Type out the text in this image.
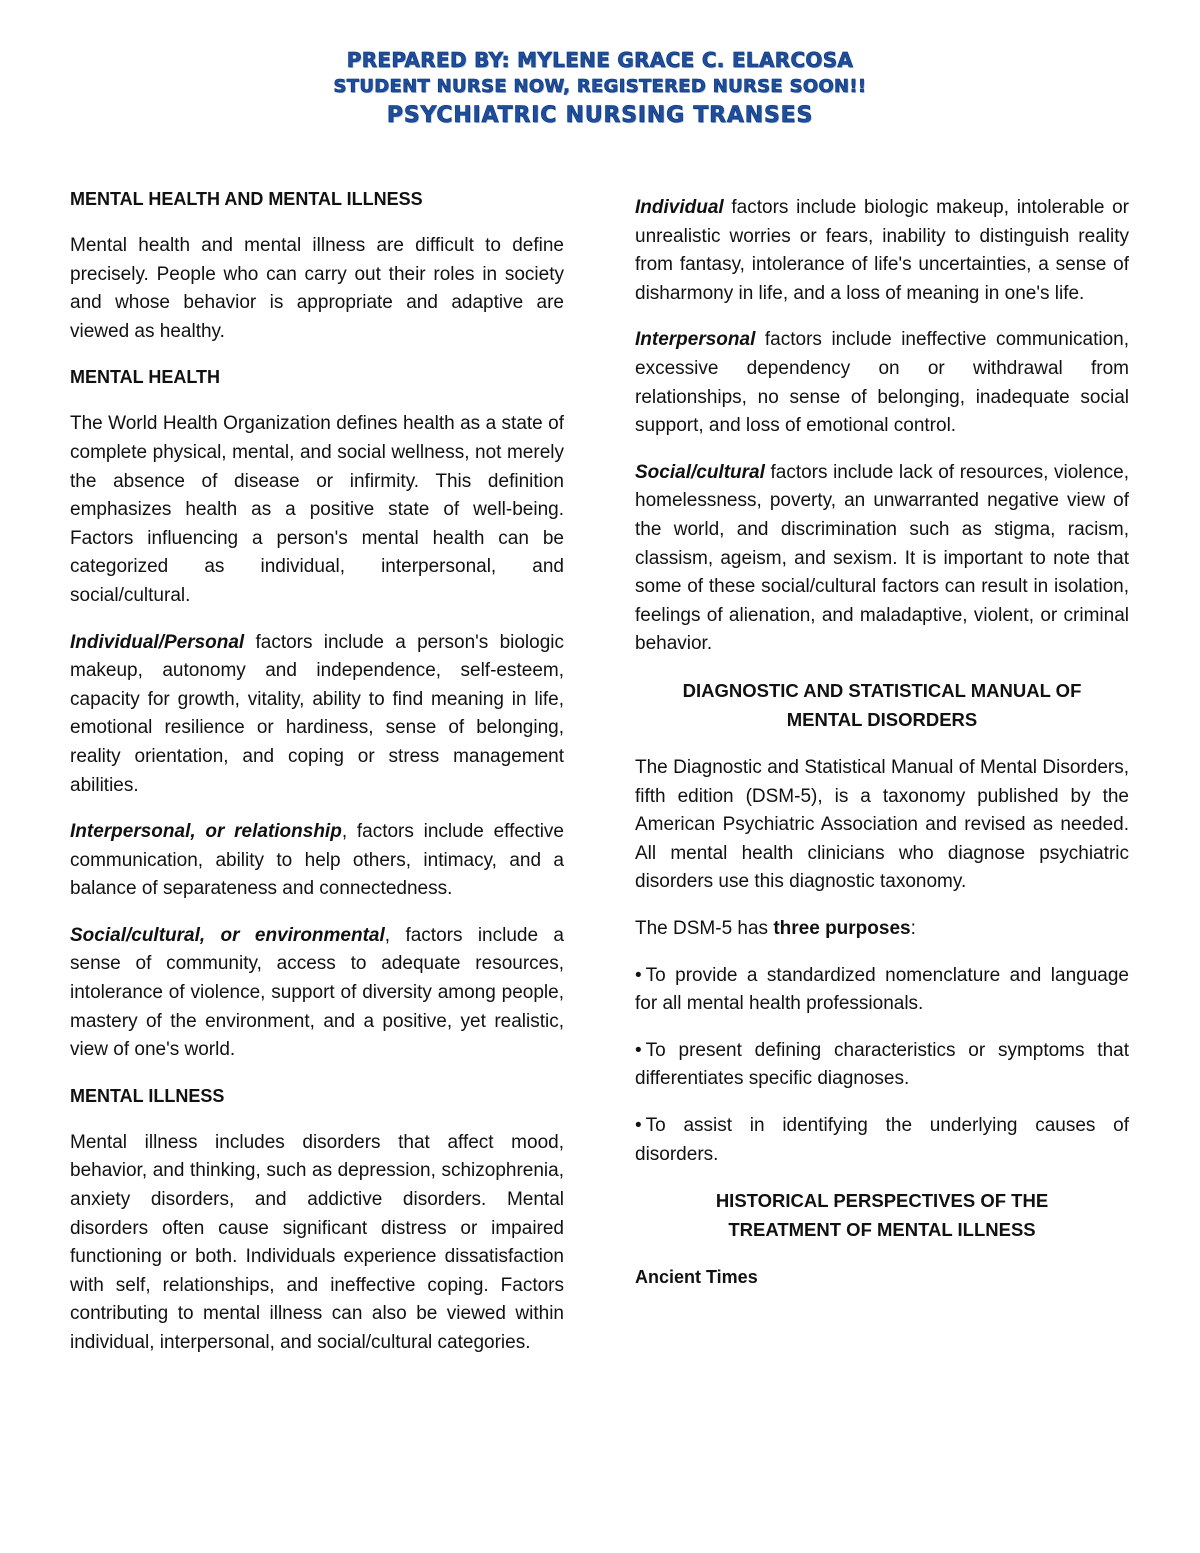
PREPARED BY: MYLENE GRACE C. ELARCOSA
STUDENT NURSE NOW, REGISTERED NURSE SOON!!
PSYCHIATRIC NURSING TRANSES
MENTAL HEALTH AND MENTAL ILLNESS

Mental health and mental illness are difficult to define precisely. People who can carry out their roles in society and whose behavior is appropriate and adaptive are viewed as healthy.

MENTAL HEALTH

The World Health Organization defines health as a state of complete physical, mental, and social wellness, not merely the absence of disease or infirmity. This definition emphasizes health as a positive state of well-being. Factors influencing a person's mental health can be categorized as individual, interpersonal, and social/cultural.

Individual/Personal factors include a person's biologic makeup, autonomy and independence, self-esteem, capacity for growth, vitality, ability to find meaning in life, emotional resilience or hardiness, sense of belonging, reality orientation, and coping or stress management abilities.

Interpersonal, or relationship, factors include effective communication, ability to help others, intimacy, and a balance of separateness and connectedness.

Social/cultural, or environmental, factors include a sense of community, access to adequate resources, intolerance of violence, support of diversity among people, mastery of the environment, and a positive, yet realistic, view of one's world.

MENTAL ILLNESS

Mental illness includes disorders that affect mood, behavior, and thinking, such as depression, schizophrenia, anxiety disorders, and addictive disorders. Mental disorders often cause significant distress or impaired functioning or both. Individuals experience dissatisfaction with self, relationships, and ineffective coping. Factors contributing to mental illness can also be viewed within individual, interpersonal, and social/cultural categories.

Individual factors include biologic makeup, intolerable or unrealistic worries or fears, inability to distinguish reality from fantasy, intolerance of life's uncertainties, a sense of disharmony in life, and a loss of meaning in one's life.

Interpersonal factors include ineffective communication, excessive dependency on or withdrawal from relationships, no sense of belonging, inadequate social support, and loss of emotional control.

Social/cultural factors include lack of resources, violence, homelessness, poverty, an unwarranted negative view of the world, and discrimination such as stigma, racism, classism, ageism, and sexism. It is important to note that some of these social/cultural factors can result in isolation, feelings of alienation, and maladaptive, violent, or criminal behavior.

DIAGNOSTIC AND STATISTICAL MANUAL OF
MENTAL DISORDERS

The Diagnostic and Statistical Manual of Mental Disorders, fifth edition (DSM-5), is a taxonomy published by the American Psychiatric Association and revised as needed. All mental health clinicians who diagnose psychiatric disorders use this diagnostic taxonomy.

The DSM-5 has three purposes:

• To provide a standardized nomenclature and language for all mental health professionals.

• To present defining characteristics or symptoms that differentiates specific diagnoses.

• To assist in identifying the underlying causes of disorders.

HISTORICAL PERSPECTIVES OF THE
TREATMENT OF MENTAL ILLNESS
Ancient Times
